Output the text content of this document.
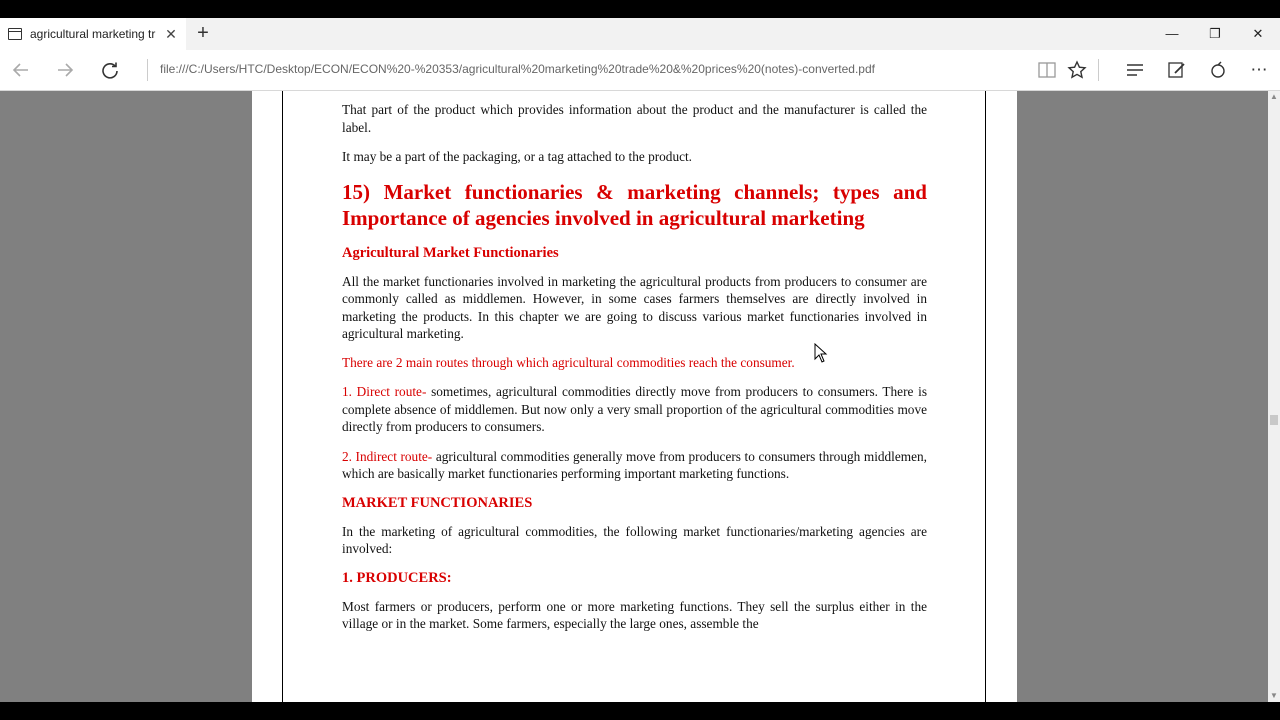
agricultural marketing tr ✕ +	—	❐	✕
file:///C:/Users/HTC/Desktop/ECON/ECON%20-%20353/agricultural%20marketing%20trade%20&%20prices%20(notes)-converted.pdf	⋯

That part of the product which provides information about the product and the manufacturer is called the label.

It may be a part of the packaging, or a tag attached to the product.

15) Market functionaries & marketing channels; types and Importance of agencies involved in agricultural marketing
Agricultural Market Functionaries

All the market functionaries involved in marketing the agricultural products from producers to consumer are commonly called as middlemen. However, in some cases farmers themselves are directly involved in marketing the products. In this chapter we are going to discuss various market functionaries involved in agricultural marketing.

There are 2 main routes through which agricultural commodities reach the consumer.

1. Direct route- sometimes, agricultural commodities directly move from producers to consumers. There is complete absence of middlemen. But now only a very small proportion of the agricultural commodities move directly from producers to consumers.

2. Indirect route- agricultural commodities generally move from producers to consumers through middlemen, which are basically market functionaries performing important marketing functions.

MARKET FUNCTIONARIES

In the marketing of agricultural commodities, the following market functionaries/marketing agencies are involved:

1. PRODUCERS:

Most farmers or producers, perform one or more marketing functions. They sell the surplus either in the village or in the market. Some farmers, especially the large ones, assemble the

▲
▼
